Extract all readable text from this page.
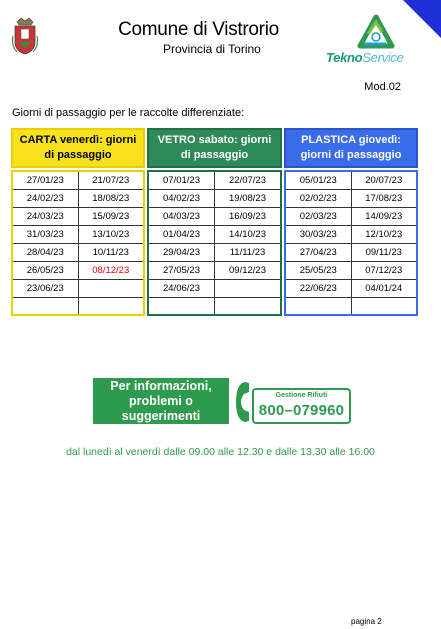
Comune di Vistrorio
Provincia di Torino
TeknoService
Mod.02
Giorni di passaggio per le raccolte differenziate:
CARTA venerdì: giorni di passaggio
27/01/23	21/07/23
24/02/23	18/08/23
24/03/23	15/09/23
31/03/23	13/10/23
28/04/23	10/11/23
26/05/23	08/12/23
23/06/23	

VETRO sabato: giorni di passaggio
07/01/23	22/07/23
04/02/23	19/08/23
04/03/23	16/09/23
01/04/23	14/10/23
29/04/23	11/11/23
27/05/23	09/12/23
24/06/23	

PLASTICA giovedì: giorni di passaggio
05/01/23	20/07/23
02/02/23	17/08/23
02/03/23	14/09/23
30/03/23	12/10/23
27/04/23	09/11/23
25/05/23	07/12/23
22/06/23	04/01/24

Per informazioni,
problemi o
suggerimenti
Gestione Rifiuti
800–079960
dal lunedì al venerdì dalle 09.00 alle 12.30 e dalle 13.30 alle 16.00
pagina 2
